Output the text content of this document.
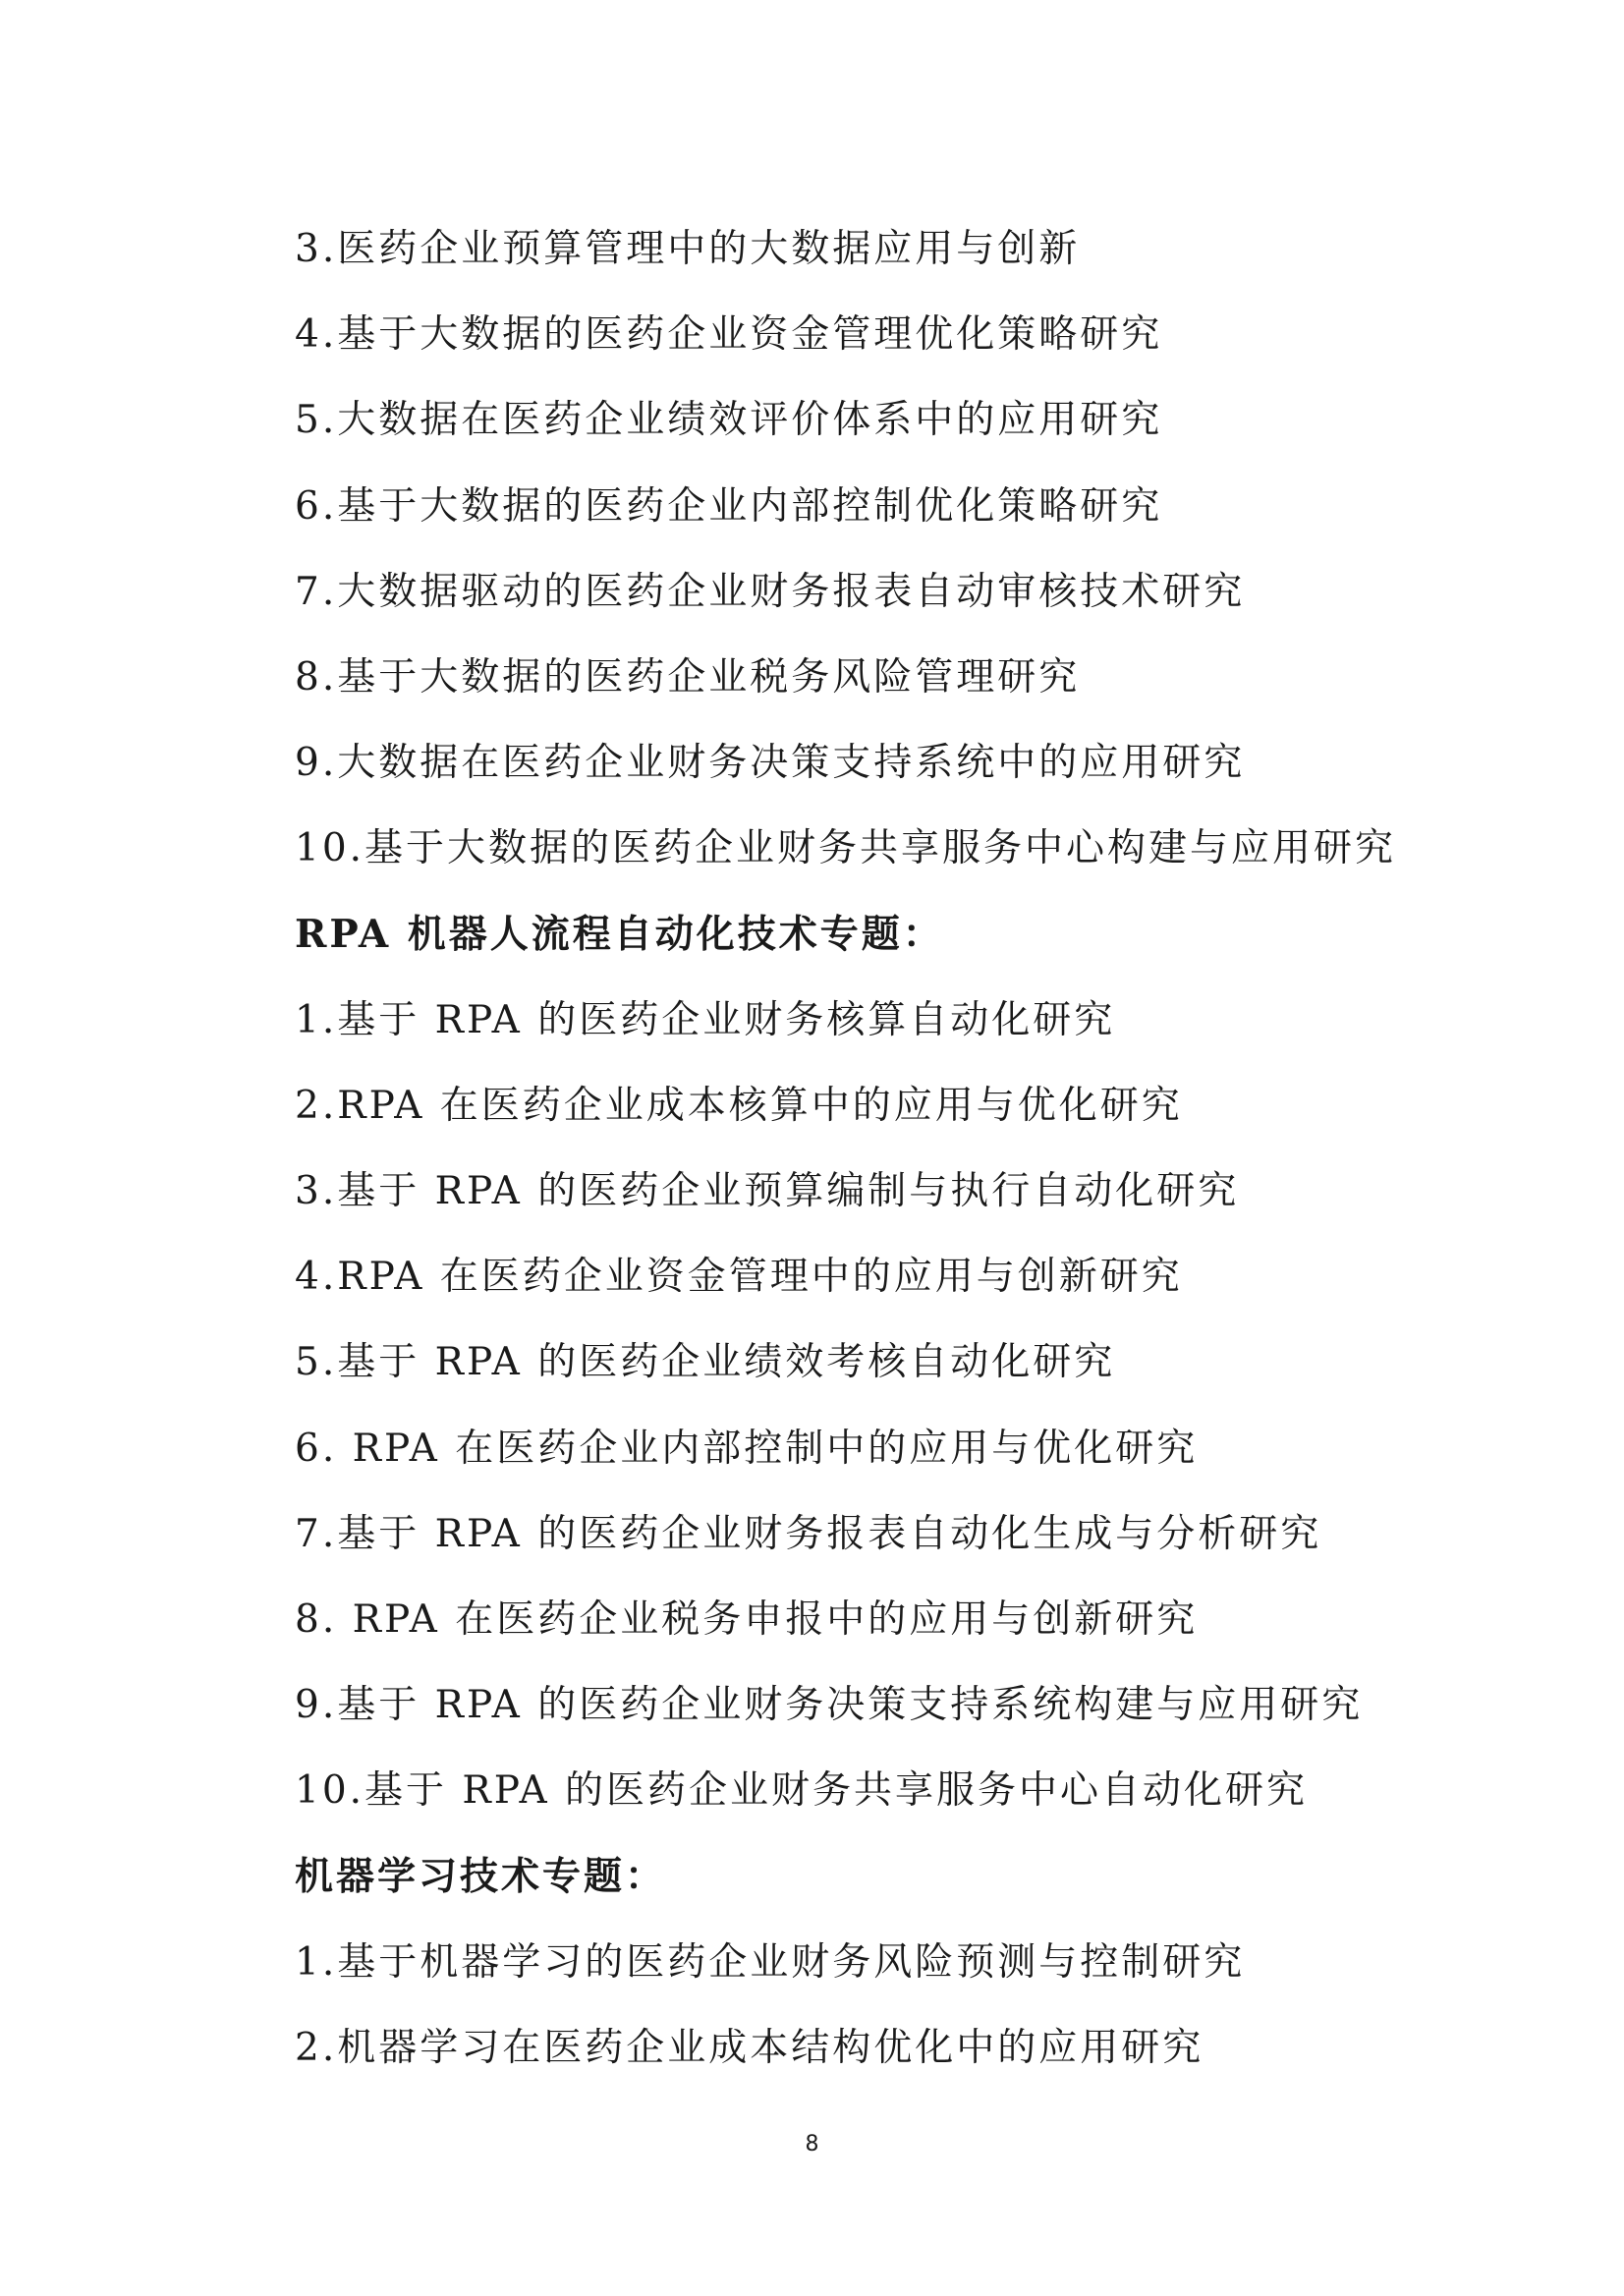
3.医药企业预算管理中的大数据应用与创新
4.基于大数据的医药企业资金管理优化策略研究
5.大数据在医药企业绩效评价体系中的应用研究
6.基于大数据的医药企业内部控制优化策略研究
7.大数据驱动的医药企业财务报表自动审核技术研究
8.基于大数据的医药企业税务风险管理研究
9.大数据在医药企业财务决策支持系统中的应用研究
10.基于大数据的医药企业财务共享服务中心构建与应用研究
RPA 机器人流程自动化技术专题：
1.基于 RPA 的医药企业财务核算自动化研究
2.RPA 在医药企业成本核算中的应用与优化研究
3.基于 RPA 的医药企业预算编制与执行自动化研究
4.RPA 在医药企业资金管理中的应用与创新研究
5.基于 RPA 的医药企业绩效考核自动化研究
6. RPA 在医药企业内部控制中的应用与优化研究
7.基于 RPA 的医药企业财务报表自动化生成与分析研究
8. RPA 在医药企业税务申报中的应用与创新研究
9.基于 RPA 的医药企业财务决策支持系统构建与应用研究
10.基于 RPA 的医药企业财务共享服务中心自动化研究
机器学习技术专题：
1.基于机器学习的医药企业财务风险预测与控制研究
2.机器学习在医药企业成本结构优化中的应用研究
8
